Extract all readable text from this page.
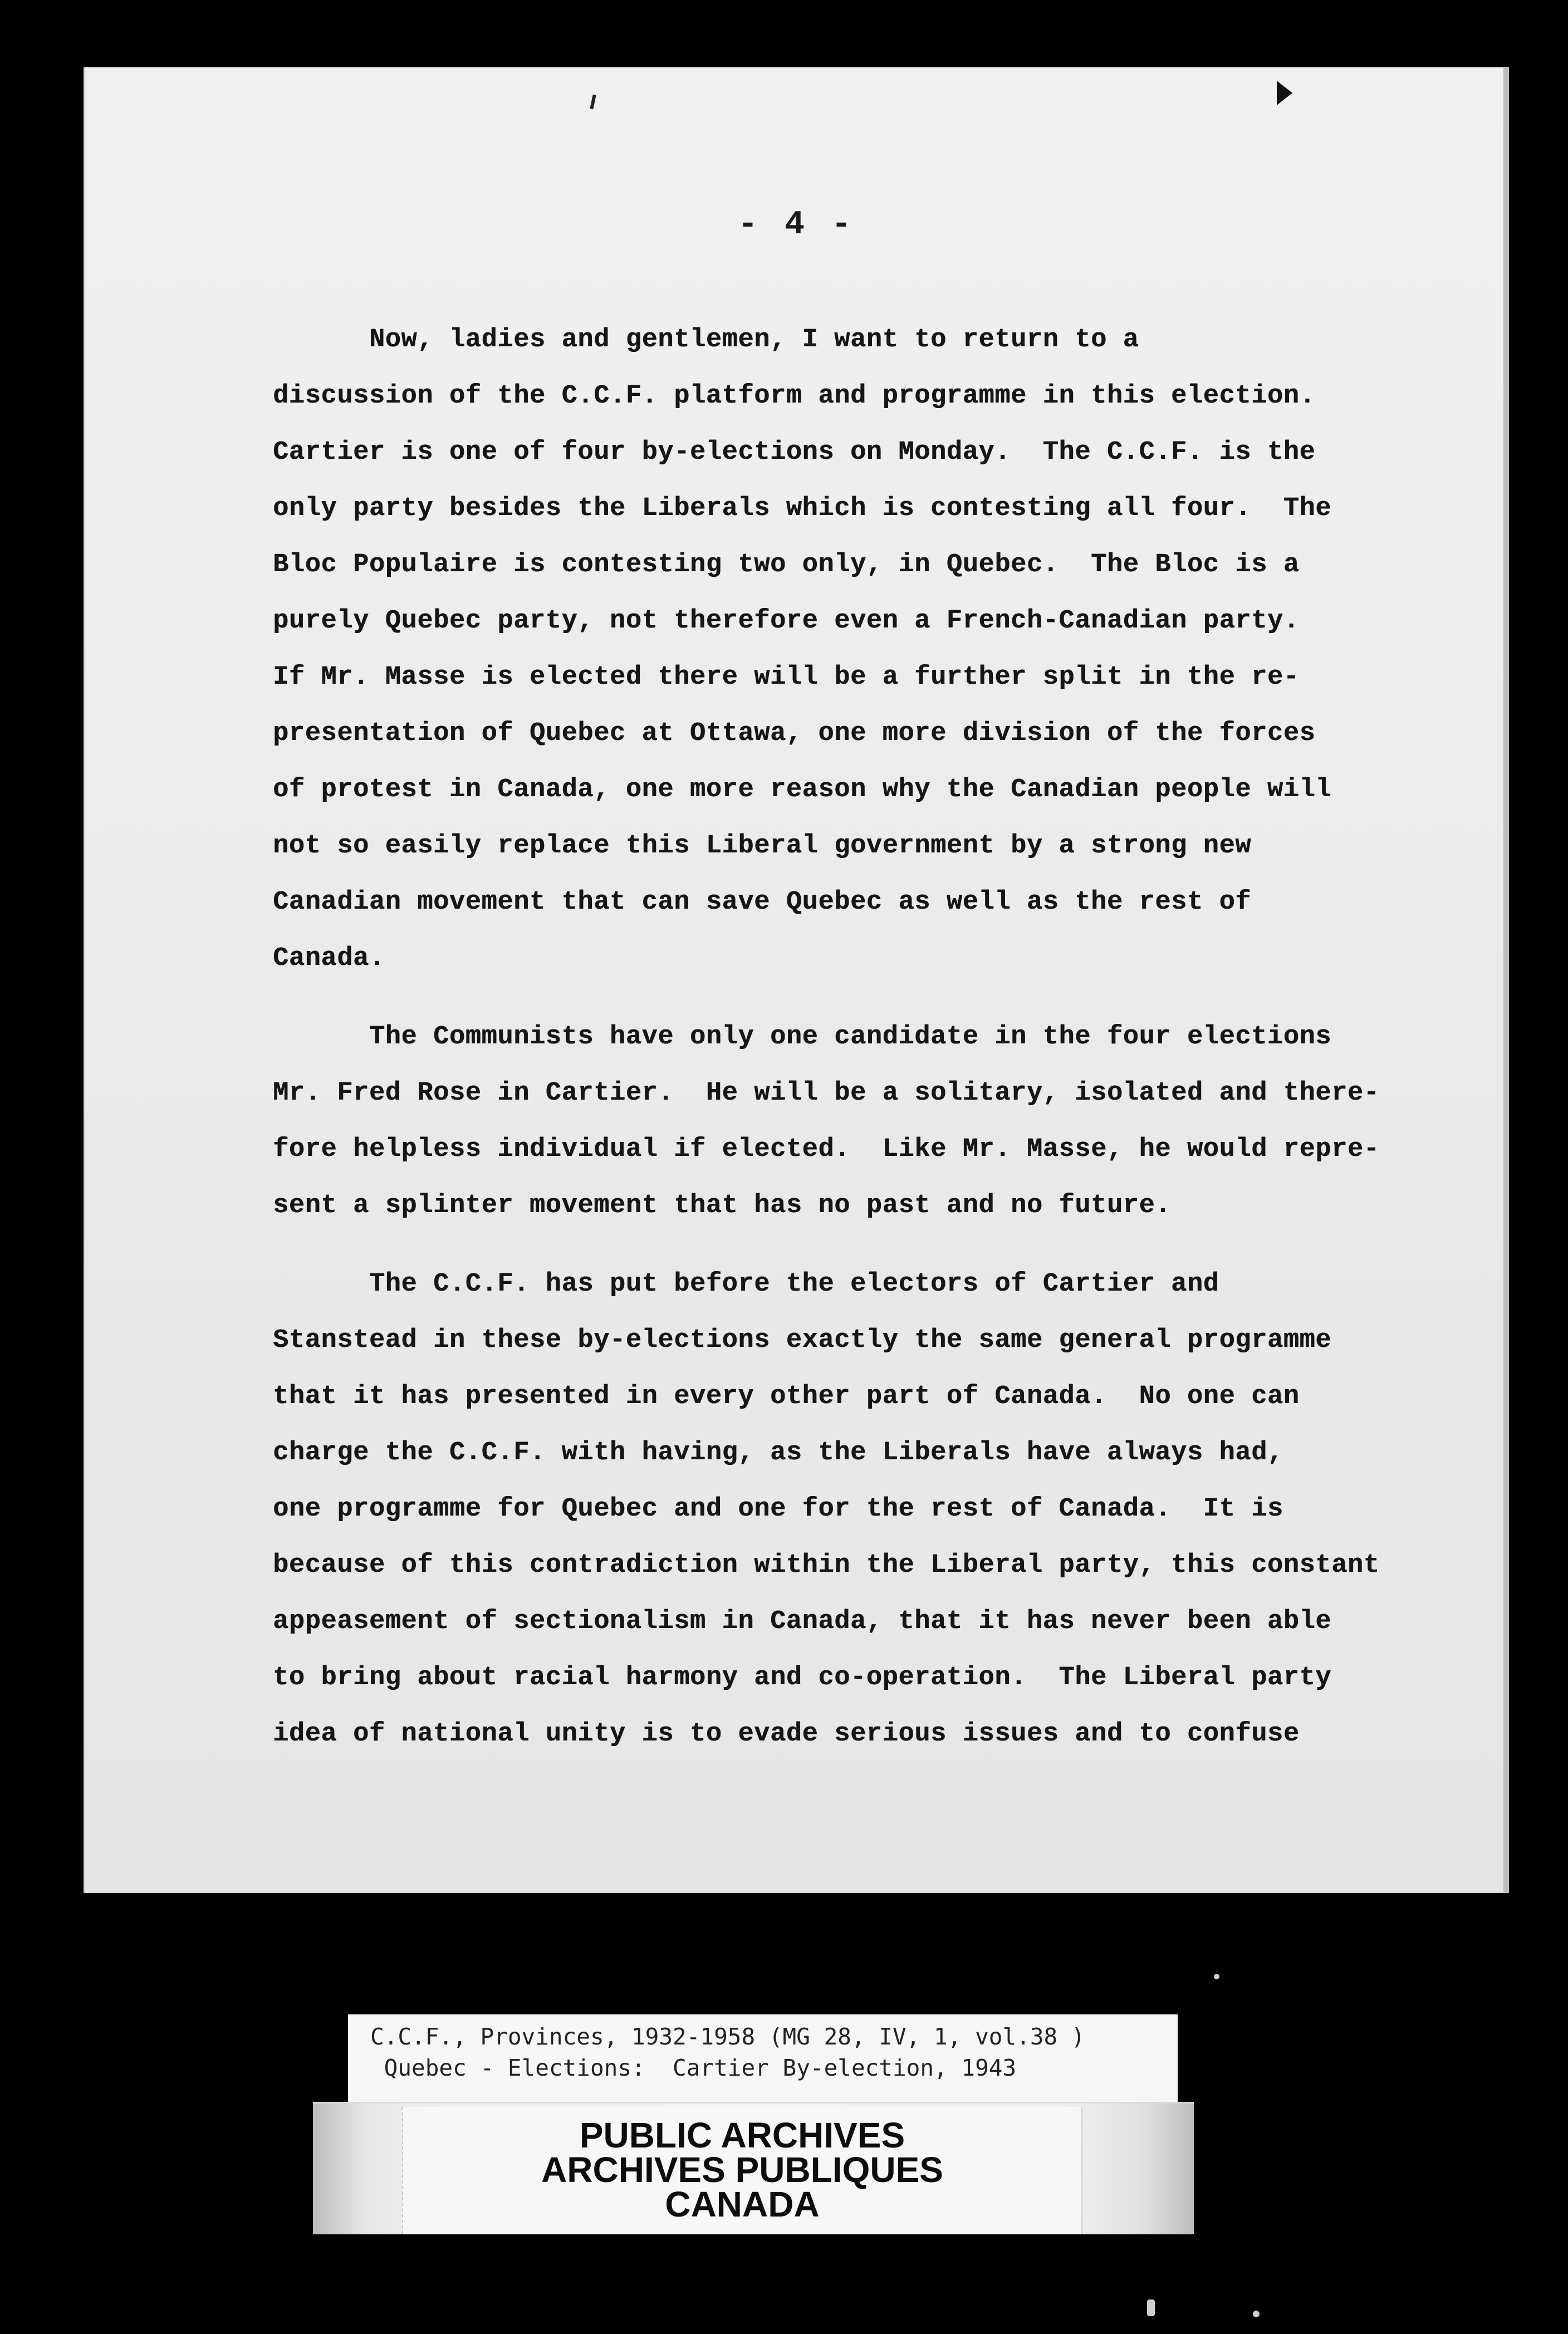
- 4 -

Now, ladies and gentlemen, I want to return to a
discussion of the C.C.F. platform and programme in this election.
Cartier is one of four by-elections on Monday.  The C.C.F. is the
only party besides the Liberals which is contesting all four.  The
Bloc Populaire is contesting two only, in Quebec.  The Bloc is a
purely Quebec party, not therefore even a French-Canadian party.
If Mr. Masse is elected there will be a further split in the re-
presentation of Quebec at Ottawa, one more division of the forces
of protest in Canada, one more reason why the Canadian people will
not so easily replace this Liberal government by a strong new
Canadian movement that can save Quebec as well as the rest of
Canada.

The Communists have only one candidate in the four elections
Mr. Fred Rose in Cartier.  He will be a solitary, isolated and there-
fore helpless individual if elected.  Like Mr. Masse, he would repre-
sent a splinter movement that has no past and no future.

The C.C.F. has put before the electors of Cartier and
Stanstead in these by-elections exactly the same general programme
that it has presented in every other part of Canada.  No one can
charge the C.C.F. with having, as the Liberals have always had,
one programme for Quebec and one for the rest of Canada.  It is
because of this contradiction within the Liberal party, this constant
appeasement of sectionalism in Canada, that it has never been able
to bring about racial harmony and co-operation.  The Liberal party
idea of national unity is to evade serious issues and to confuse

C.C.F., Provinces, 1932-1958 (MG 28, IV, 1, vol.38 )
Quebec - Elections:  Cartier By-election, 1943
PUBLIC ARCHIVES
ARCHIVES PUBLIQUES
CANADA
